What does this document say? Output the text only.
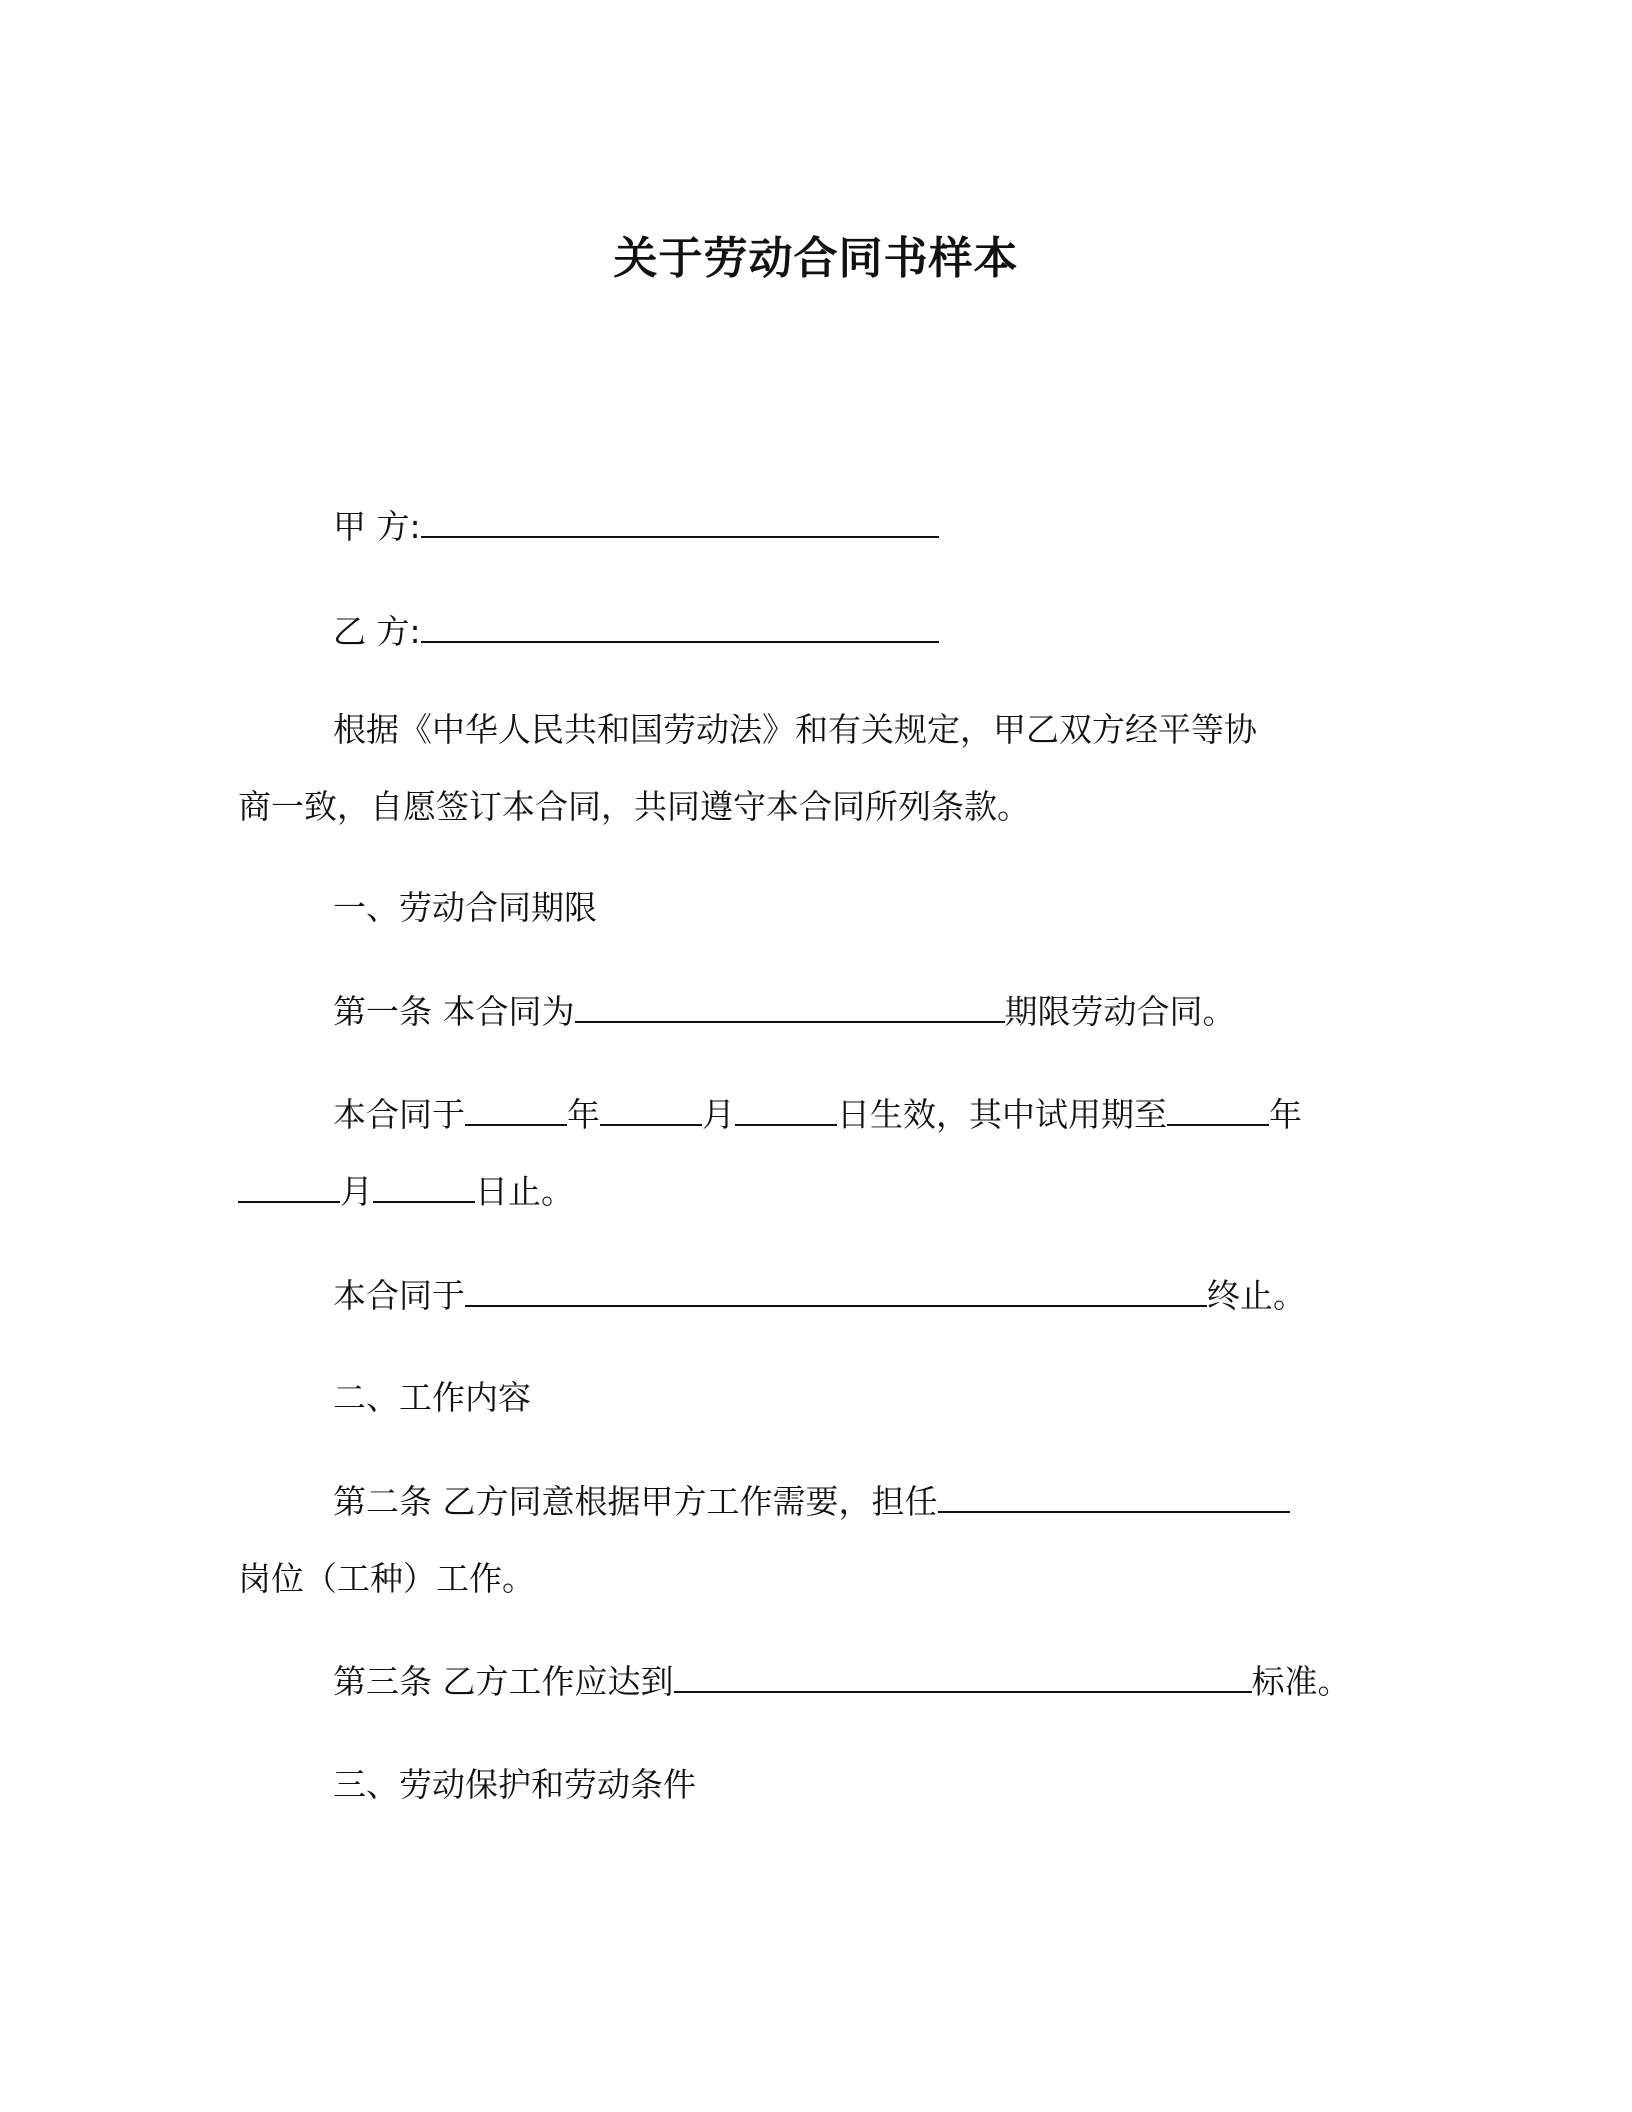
关于劳动合同书样本
甲 方:
乙 方:
根据《中华人民共和国劳动法》和有关规定，甲乙双方经平等协
商一致，自愿签订本合同，共同遵守本合同所列条款。
一、劳动合同期限
第一条 本合同为	期限劳动合同。
本合同于	年	月	日生效，其中试用期至	年
月	日止。
本合同于	终止。
二、工作内容
第二条 乙方同意根据甲方工作需要，担任
岗位（工种）工作。
第三条 乙方工作应达到	标准。
三、劳动保护和劳动条件
